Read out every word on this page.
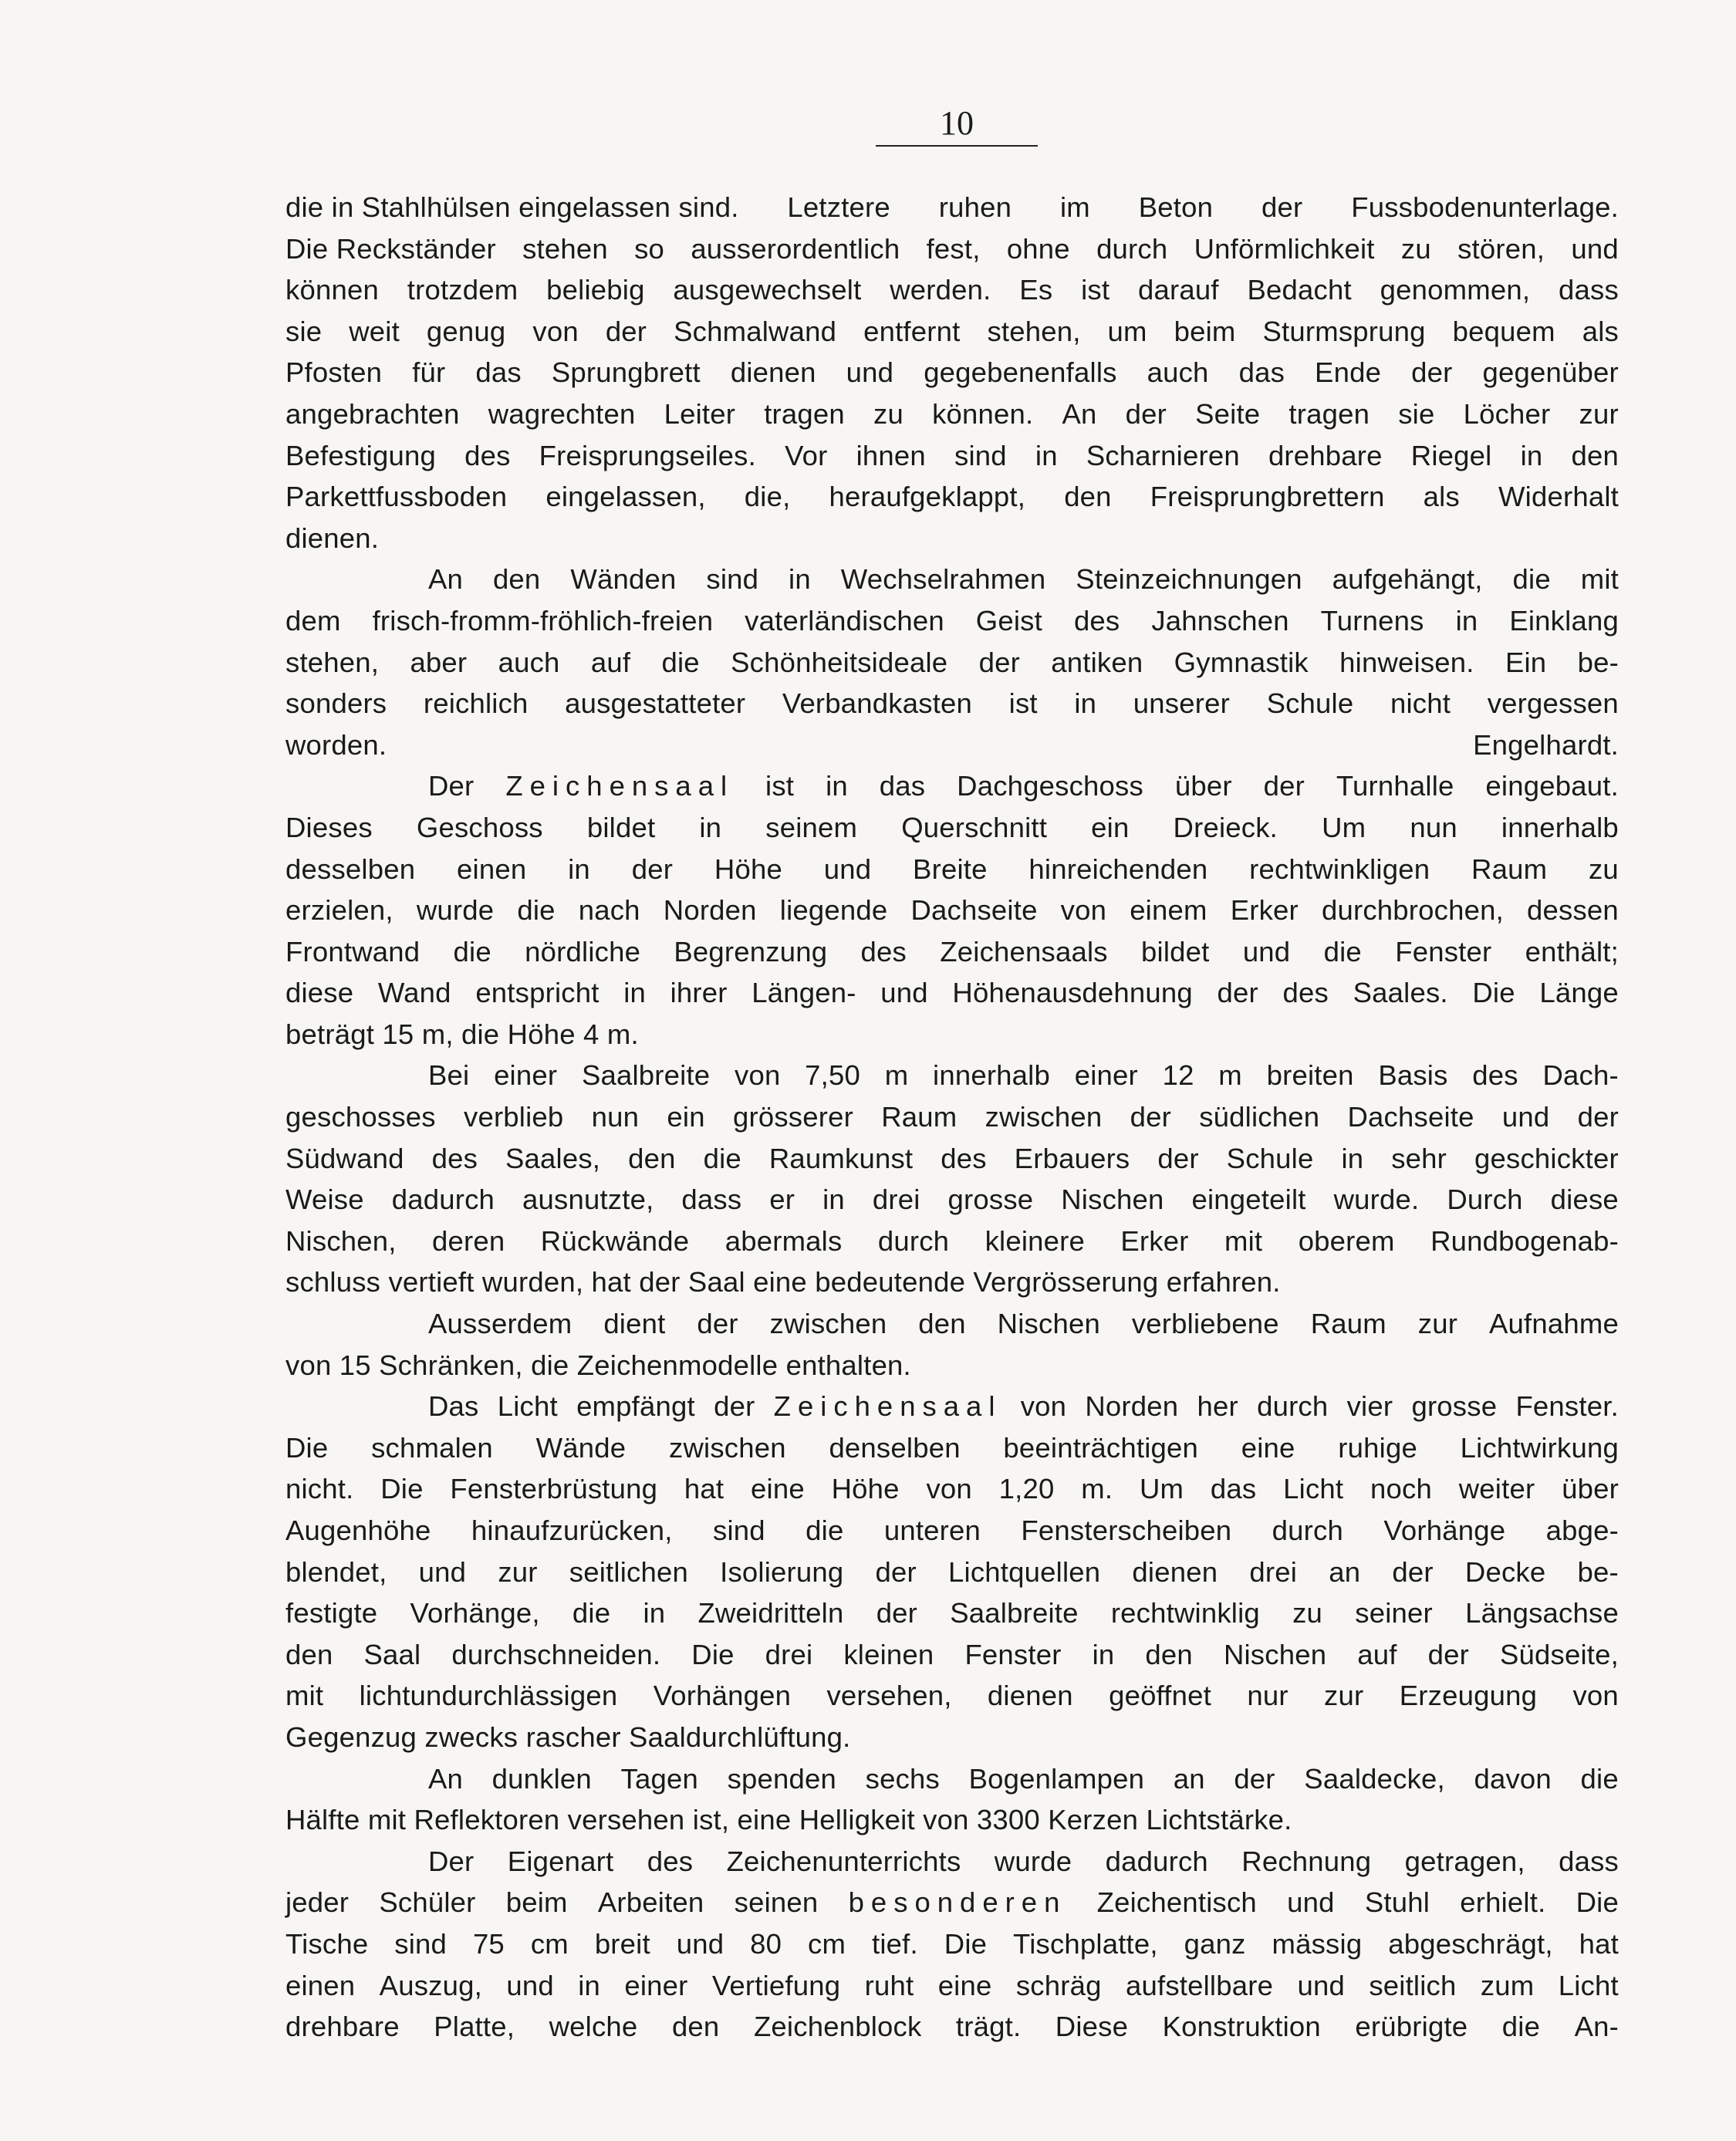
10
die in Stahlhülsen eingelassen sind. Letztere ruhen im Beton der Fussbodenunterlage.
Die Reckständer stehen so ausserordentlich fest, ohne durch Unförmlichkeit zu stören, und
können trotzdem beliebig ausgewechselt werden. Es ist darauf Bedacht genommen, dass
sie weit genug von der Schmalwand entfernt stehen, um beim Sturmsprung bequem als
Pfosten für das Sprungbrett dienen und gegebenenfalls auch das Ende der gegenüber
angebrachten wagrechten Leiter tragen zu können. An der Seite tragen sie Löcher zur
Befestigung des Freisprungseiles. Vor ihnen sind in Scharnieren drehbare Riegel in den
Parkettfussboden eingelassen, die, heraufgeklappt, den Freisprungbrettern als Widerhalt
dienen.
An den Wänden sind in Wechselrahmen Steinzeichnungen aufgehängt, die mit
dem frisch-fromm-fröhlich-freien vaterländischen Geist des Jahnschen Turnens in Einklang
stehen, aber auch auf die Schönheitsideale der antiken Gymnastik hinweisen. Ein be-
sonders reichlich ausgestatteter Verbandkasten ist in unserer Schule nicht vergessen
worden.	Engelhardt.
Der Zeichensaal ist in das Dachgeschoss über der Turnhalle eingebaut.
Dieses Geschoss bildet in seinem Querschnitt ein Dreieck. Um nun innerhalb
desselben einen in der Höhe und Breite hinreichenden rechtwinkligen Raum zu
erzielen, wurde die nach Norden liegende Dachseite von einem Erker durchbrochen, dessen
Frontwand die nördliche Begrenzung des Zeichensaals bildet und die Fenster enthält;
diese Wand entspricht in ihrer Längen- und Höhenausdehnung der des Saales. Die Länge
beträgt 15 m, die Höhe 4 m.
Bei einer Saalbreite von 7,50 m innerhalb einer 12 m breiten Basis des Dach-
geschosses verblieb nun ein grösserer Raum zwischen der südlichen Dachseite und der
Südwand des Saales, den die Raumkunst des Erbauers der Schule in sehr geschickter
Weise dadurch ausnutzte, dass er in drei grosse Nischen eingeteilt wurde. Durch diese
Nischen, deren Rückwände abermals durch kleinere Erker mit oberem Rundbogenab-
schluss vertieft wurden, hat der Saal eine bedeutende Vergrösserung erfahren.
Ausserdem dient der zwischen den Nischen verbliebene Raum zur Aufnahme
von 15 Schränken, die Zeichenmodelle enthalten.
Das Licht empfängt der Zeichensaal von Norden her durch vier grosse Fenster.
Die schmalen Wände zwischen denselben beeinträchtigen eine ruhige Lichtwirkung
nicht. Die Fensterbrüstung hat eine Höhe von 1,20 m. Um das Licht noch weiter über
Augenhöhe hinaufzurücken, sind die unteren Fensterscheiben durch Vorhänge abge-
blendet, und zur seitlichen Isolierung der Lichtquellen dienen drei an der Decke be-
festigte Vorhänge, die in Zweidritteln der Saalbreite rechtwinklig zu seiner Längsachse
den Saal durchschneiden. Die drei kleinen Fenster in den Nischen auf der Südseite,
mit lichtundurchlässigen Vorhängen versehen, dienen geöffnet nur zur Erzeugung von
Gegenzug zwecks rascher Saaldurchlüftung.
An dunklen Tagen spenden sechs Bogenlampen an der Saaldecke, davon die
Hälfte mit Reflektoren versehen ist, eine Helligkeit von 3300 Kerzen Lichtstärke.
Der Eigenart des Zeichenunterrichts wurde dadurch Rechnung getragen, dass
jeder Schüler beim Arbeiten seinen besonderen Zeichentisch und Stuhl erhielt. Die
Tische sind 75 cm breit und 80 cm tief. Die Tischplatte, ganz mässig abgeschrägt, hat
einen Auszug, und in einer Vertiefung ruht eine schräg aufstellbare und seitlich zum Licht
drehbare Platte, welche den Zeichenblock trägt. Diese Konstruktion erübrigte die An-
